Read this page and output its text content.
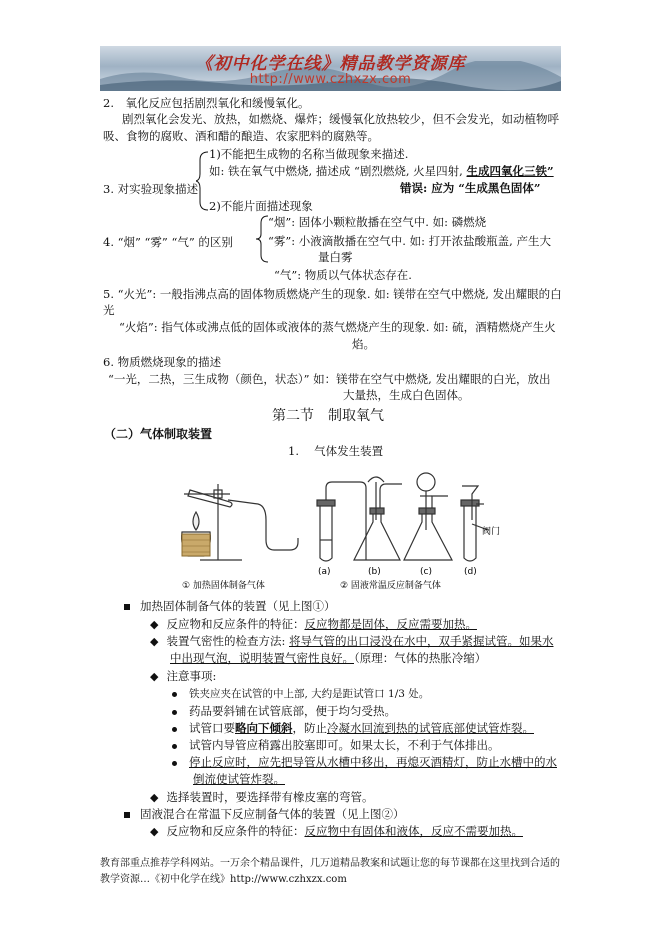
《初中化学在线》精品教学资源库
http://www.czhxzx.com
2.　氧化反应包括剧烈氧化和缓慢氧化。
剧烈氧化会发光、放热，如燃烧、爆炸；缓慢氧化放热较少，但不会发光，如动植物呼
吸、食物的腐败、酒和醋的酿造、农家肥料的腐熟等。
3. 对实验现象描述
1)不能把生成物的名称当做现象来描述.
如: 铁在氧气中燃烧, 描述成 “剧烈燃烧, 火星四射, 生成四氧化三铁”
错误: 应为 “生成黑色固体”
2)不能片面描述现象
4. “烟” “雾” “气” 的区别
“烟”: 固体小颗粒散播在空气中. 如: 磷燃烧
“雾”: 小液滴散播在空气中. 如: 打开浓盐酸瓶盖, 产生大
量白雾
“气”: 物质以气体状态存在.
5. “火光”: 一般指沸点高的固体物质燃烧产生的现象. 如: 镁带在空气中燃烧, 发出耀眼的白
光
“火焰”: 指气体或沸点低的固体或液体的蒸气燃烧产生的现象. 如: 硫，酒精燃烧产生火
焰。
6. 物质燃烧现象的描述
“一光，二热，三生成物（颜色，状态）” 如：镁带在空气中燃烧, 发出耀眼的白光，放出
大量热，生成白色固体。
第二节　制取氧气
（二）气体制取装置
1.　 气体发生装置
阀门
(a)	(b)	(c)	(d)
① 加热固体制备气体	② 固液常温反应制备气体
加热固体制备气体的装置（见上图①）
◆ 反应物和反应条件的特征：反应物都是固体，反应需要加热。
◆ 装置气密性的检查方法: 将导气管的出口浸没在水中，双手紧握试管。如果水
中出现气泡，说明装置气密性良好。（原理：气体的热胀冷缩）
◆ 注意事项:
铁夹应夹在试管的中上部, 大约是距试管口 1/3 处。
药品要斜铺在试管底部，便于均匀受热。
试管口要略向下倾斜，防止冷凝水回流到热的试管底部使试管炸裂。
试管内导管应稍露出胶塞即可。如果太长，不利于气体排出。
停止反应时，应先把导管从水槽中移出，再熄灭酒精灯，防止水槽中的水
倒流使试管炸裂。
◆ 选择装置时，要选择带有橡皮塞的弯管。
固液混合在常温下反应制备气体的装置（见上图②）
◆ 反应物和反应条件的特征：反应物中有固体和液体，反应不需要加热。
教育部重点推荐学科网站。一万余个精品课件，几万道精品教案和试题让您的每节课都在这里找到合适的
教学资源…《初中化学在线》http://www.czhxzx.com
